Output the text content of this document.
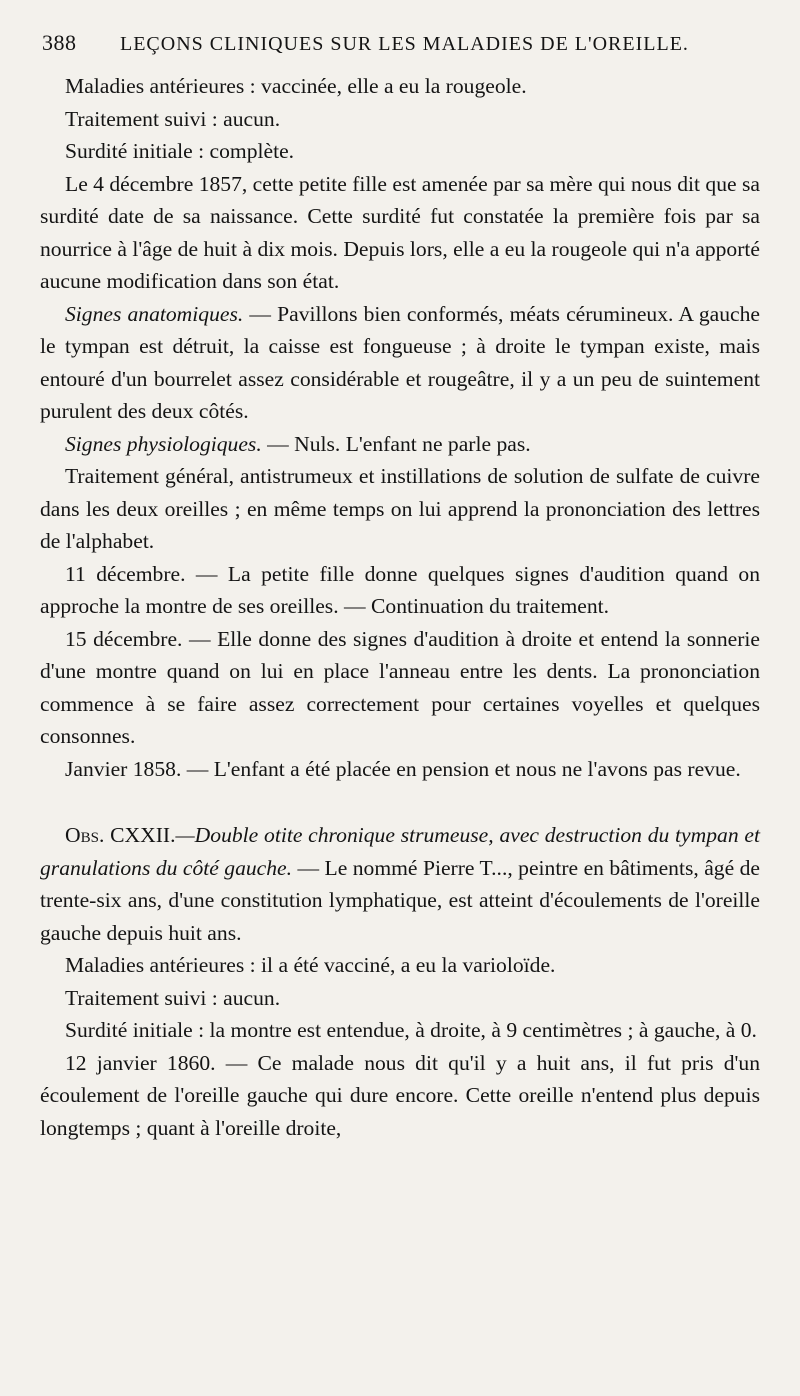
388	LEÇONS CLINIQUES SUR LES MALADIES DE L'OREILLE.

Maladies antérieures : vaccinée, elle a eu la rougeole.

Traitement suivi : aucun.

Surdité initiale : complète.

Le 4 décembre 1857, cette petite fille est amenée par sa mère qui nous dit que sa surdité date de sa naissance. Cette surdité fut constatée la première fois par sa nourrice à l'âge de huit à dix mois. Depuis lors, elle a eu la rougeole qui n'a apporté aucune modification dans son état.

Signes anatomiques. — Pavillons bien conformés, méats cérumineux. A gauche le tympan est détruit, la caisse est fongueuse ; à droite le tympan existe, mais entouré d'un bourrelet assez considérable et rougeâtre, il y a un peu de suintement purulent des deux côtés.

Signes physiologiques. — Nuls. L'enfant ne parle pas.

Traitement général, antistrumeux et instillations de solution de sulfate de cuivre dans les deux oreilles ; en même temps on lui apprend la prononciation des lettres de l'alphabet.

11 décembre. — La petite fille donne quelques signes d'audition quand on approche la montre de ses oreilles. — Continuation du traitement.

15 décembre. — Elle donne des signes d'audition à droite et entend la sonnerie d'une montre quand on lui en place l'anneau entre les dents. La prononciation commence à se faire assez correctement pour certaines voyelles et quelques consonnes.

Janvier 1858. — L'enfant a été placée en pension et nous ne l'avons pas revue.

Obs. CXXII.—Double otite chronique strumeuse, avec destruction du tympan et granulations du côté gauche. — Le nommé Pierre T..., peintre en bâtiments, âgé de trente-six ans, d'une constitution lymphatique, est atteint d'écoulements de l'oreille gauche depuis huit ans.

Maladies antérieures : il a été vacciné, a eu la varioloïde.

Traitement suivi : aucun.

Surdité initiale : la montre est entendue, à droite, à 9 centimètres ; à gauche, à 0.

12 janvier 1860. — Ce malade nous dit qu'il y a huit ans, il fut pris d'un écoulement de l'oreille gauche qui dure encore. Cette oreille n'entend plus depuis longtemps ; quant à l'oreille droite,
